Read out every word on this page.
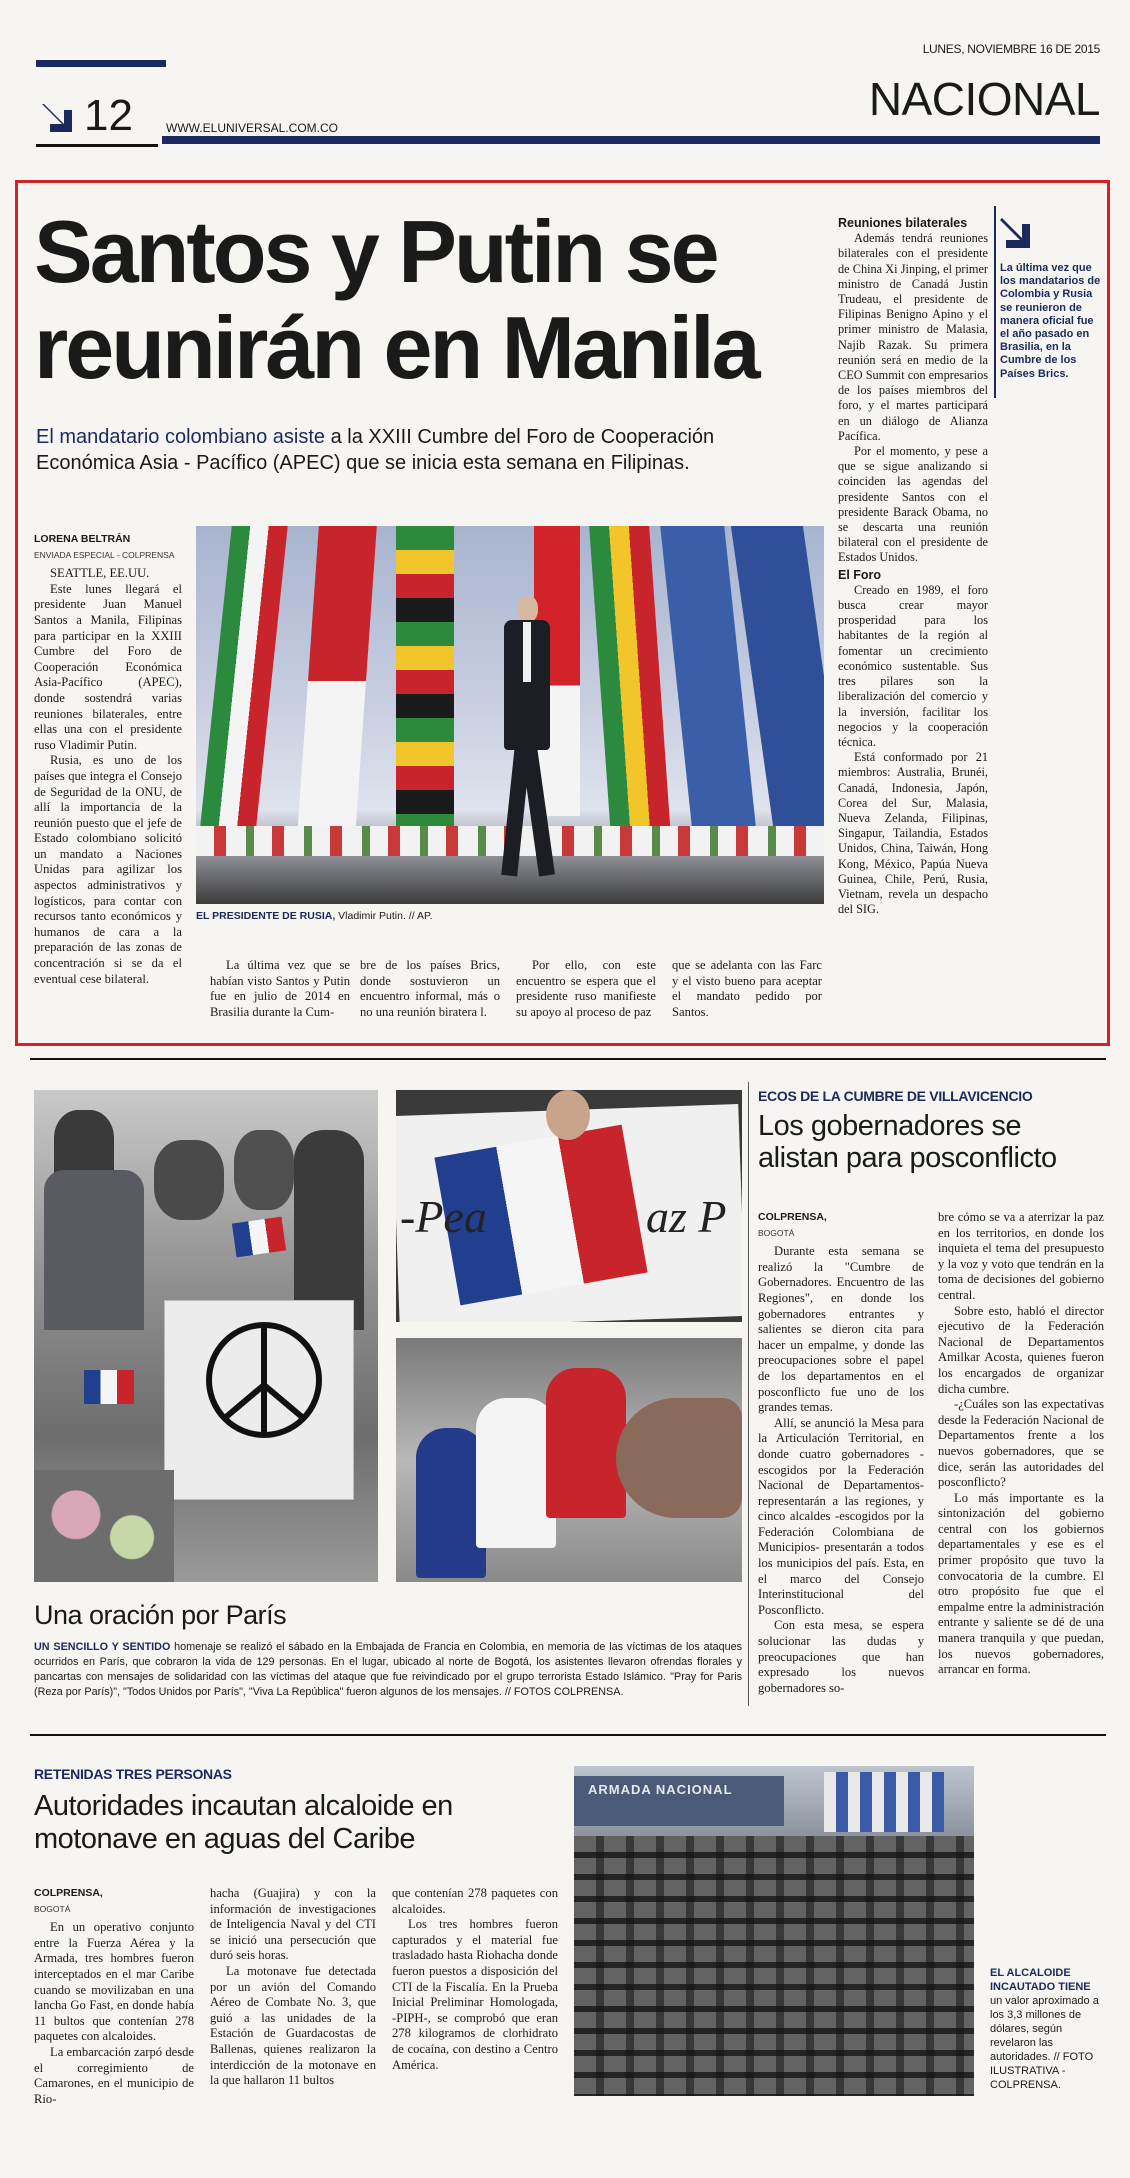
LUNES, NOVIEMBRE 16 DE 2015
12	WWW.ELUNIVERSAL.COM.CO
NACIONAL
Santos y Putin se
reunirán en Manila
El mandatario colombiano asiste a la XXIII Cumbre del Foro de Cooperación Económica Asia - Pacífico (APEC) que se inicia esta semana en Filipinas.
LORENA BELTRÁN
ENVIADA ESPECIAL - COLPRENSA

SEATTLE, EE.UU.

Este lunes llegará el presidente Juan Manuel Santos a Manila, Filipinas para participar en la XXIII Cumbre del Foro de Cooperación Económica Asia-Pacífico (APEC), donde sostendrá varias reuniones bilaterales, entre ellas una con el presidente ruso Vladimir Putin.

Rusia, es uno de los países que integra el Consejo de Seguridad de la ONU, de allí la importancia de la reunión puesto que el jefe de Estado colombiano solicitó un mandato a Naciones Unidas para agilizar los aspectos administrativos y logísticos, para contar con recursos tanto económicos y humanos de cara a la preparación de las zonas de concentración si se da el eventual cese bilateral.

EL PRESIDENTE DE RUSIA, Vladimir Putin. // AP.

La última vez que se habían visto Santos y Putin fue en julio de 2014 en Brasilia durante la Cum-

bre de los países Brics, donde sostuvieron un encuentro informal, más o no una reunión biratera l.

Por ello, con este encuentro se espera que el presidente ruso manifieste su apoyo al proceso de paz

que se adelanta con las Farc y el visto bueno para aceptar el mandato pedido por Santos.

Reuniones bilaterales

Además tendrá reuniones bilaterales con el presidente de China Xi Jinping, el primer ministro de Canadá Justin Trudeau, el presidente de Filipinas Benigno Apino y el primer ministro de Malasia, Najib Razak. Su primera reunión será en medio de la CEO Summit con empresarios de los países miembros del foro, y el martes participará en un diálogo de Alianza Pacífica.

Por el momento, y pese a que se sigue analizando si coinciden las agendas del presidente Santos con el presidente Barack Obama, no se descarta una reunión bilateral con el presidente de Estados Unidos.

El Foro

Creado en 1989, el foro busca crear mayor prosperidad para los habitantes de la región al fomentar un crecimiento económico sustentable. Sus tres pilares son la liberalización del comercio y la inversión, facilitar los negocios y la cooperación técnica.

Está conformado por 21 miembros: Australia, Brunéi, Canadá, Indonesia, Japón, Corea del Sur, Malasia, Nueva Zelanda, Filipinas, Singapur, Tailandia, Estados Unidos, China, Taiwán, Hong Kong, México, Papúa Nueva Guinea, Chile, Perú, Rusia, Vietnam, revela un despacho del SIG.

La última vez que los mandatarios de Colombia y Rusia se reunieron de manera oficial fue el año pasado en Brasilia, en la Cumbre de los Países Brics.
-Pea	az P
Una oración por París
UN SENCILLO Y SENTIDO homenaje se realizó el sábado en la Embajada de Francia en Colombia, en memoria de las víctimas de los ataques ocurridos en París, que cobraron la vida de 129 personas. En el lugar, ubicado al norte de Bogotá, los asistentes llevaron ofrendas florales y pancartas con mensajes de solidaridad con las víctimas del ataque que fue reivindicado por el grupo terrorista Estado Islámico. "Pray for Paris (Reza por París)", "Todos Unidos por París", "Viva La República" fueron algunos de los mensajes. // FOTOS COLPRENSA.
ECOS DE LA CUMBRE DE VILLAVICENCIO
Los gobernadores se alistan para posconflicto
COLPRENSA,
BOGOTÁ

Durante esta semana se realizó la "Cumbre de Gobernadores. Encuentro de las Regiones", en donde los gobernadores entrantes y salientes se dieron cita para hacer un empalme, y donde las preocupaciones sobre el papel de los departamentos en el posconflicto fue uno de los grandes temas.

Allí, se anunció la Mesa para la Articulación Territorial, en donde cuatro gobernadores -escogidos por la Federación Nacional de Departamentos- representarán a las regiones, y cinco alcaldes -escogidos por la Federación Colombiana de Municipios- presentarán a todos los municipios del país. Esta, en el marco del Consejo Interinstitucional del Posconflicto.

Con esta mesa, se espera solucionar las dudas y preocupaciones que han expresado los nuevos gobernadores so-

bre cómo se va a aterrizar la paz en los territorios, en donde los inquieta el tema del presupuesto y la voz y voto que tendrán en la toma de decisiones del gobierno central.

Sobre esto, habló el director ejecutivo de la Federación Nacional de Departamentos Amilkar Acosta, quienes fueron los encargados de organizar dicha cumbre.

-¿Cuáles son las expectativas desde la Federación Nacional de Departamentos frente a los nuevos gobernadores, que se dice, serán las autoridades del posconflicto?

Lo más importante es la sintonización del gobierno central con los gobiernos departamentales y ese es el primer propósito que tuvo la convocatoria de la cumbre. El otro propósito fue que el empalme entre la administración entrante y saliente se dé de una manera tranquila y que puedan, los nuevos gobernadores, arrancar en forma.

RETENIDAS TRES PERSONAS
Autoridades incautan alcaloide en motonave en aguas del Caribe
COLPRENSA,
BOGOTÁ

En un operativo conjunto entre la Fuerza Aérea y la Armada, tres hombres fueron interceptados en el mar Caribe cuando se movilizaban en una lancha Go Fast, en donde había 11 bultos que contenían 278 paquetes con alcaloides.

La embarcación zarpó desde el corregimiento de Camarones, en el municipio de Rio-

hacha (Guajira) y con la información de investigaciones de Inteligencia Naval y del CTI se inició una persecución que duró seis horas.

La motonave fue detectada por un avión del Comando Aéreo de Combate No. 3, que guió a las unidades de la Estación de Guardacostas de Ballenas, quienes realizaron la interdicción de la motonave en la que hallaron 11 bultos

que contenían 278 paquetes con alcaloides.

Los tres hombres fueron capturados y el material fue trasladado hasta Riohacha donde fueron puestos a disposición del CTI de la Fiscalía. En la Prueba Inicial Preliminar Homologada, -PIPH-, se comprobó que eran 278 kilogramos de clorhidrato de cocaína, con destino a Centro América.

ARMADA NACIONAL
EL ALCALOIDE INCAUTADO TIENE un valor aproximado a los 3,3 millones de dólares, según revelaron las autoridades. // FOTO ILUSTRATIVA - COLPRENSA.
